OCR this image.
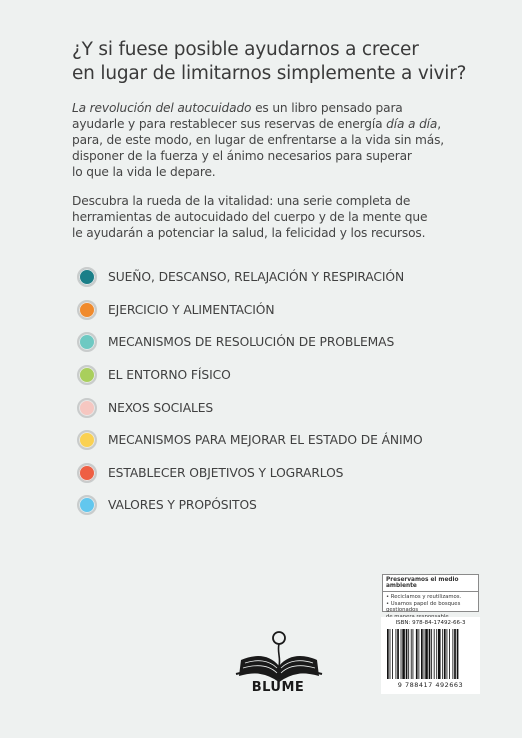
¿Y si fuese posible ayudarnos a crecer
en lugar de limitarnos simplemente a vivir?

La revolución del autocuidado es un libro pensado para
ayudarle y para restablecer sus reservas de energía día a día,
para, de este modo, en lugar de enfrentarse a la vida sin más,
disponer de la fuerza y el ánimo necesarios para superar
lo que la vida le depare.

Descubra la rueda de la vitalidad: una serie completa de
herramientas de autocuidado del cuerpo y de la mente que
le ayudarán a potenciar la salud, la felicidad y los recursos.

SUEÑO, DESCANSO, RELAJACIÓN Y RESPIRACIÓN
EJERCICIO Y ALIMENTACIÓN
MECANISMOS DE RESOLUCIÓN DE PROBLEMAS
EL ENTORNO FÍSICO
NEXOS SOCIALES
MECANISMOS PARA MEJORAR EL ESTADO DE ÁNIMO
ESTABLECER OBJETIVOS Y LOGRARLOS
VALORES Y PROPÓSITOS
Preservamos el medio ambiente
• Reciclamos y reutilizamos.
• Usamos papel de bosques gestionados
BLUME
ISBN: 978-84-17492-66-3
9 788417 492663
